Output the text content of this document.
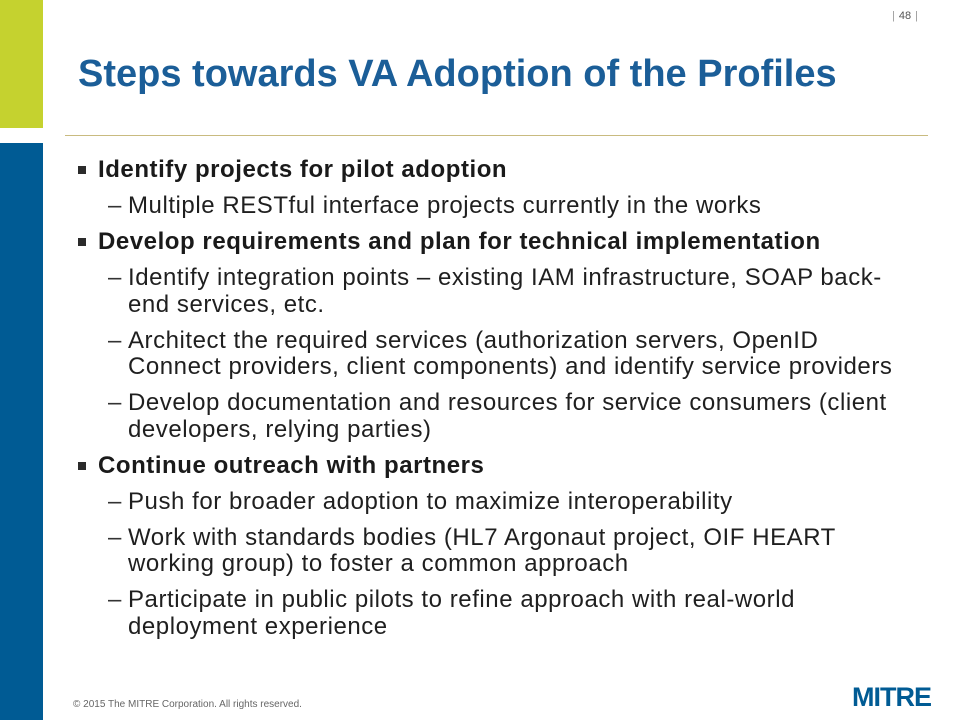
| 48 |
Steps towards VA Adoption of the Profiles
Identify projects for pilot adoption
– Multiple RESTful interface projects currently in the works
Develop requirements and plan for technical implementation
– Identify integration points – existing IAM infrastructure, SOAP back-
end services, etc.
– Architect the required services (authorization servers, OpenID
Connect providers, client components) and identify service providers
– Develop documentation and resources for service consumers (client
developers, relying parties)
Continue outreach with partners
– Push for broader adoption to maximize interoperability
– Work with standards bodies (HL7 Argonaut project, OIF HEART
working group) to foster a common approach
– Participate in public pilots to refine approach with real-world
deployment experience
© 2015 The MITRE Corporation. All rights reserved.	MITRE
